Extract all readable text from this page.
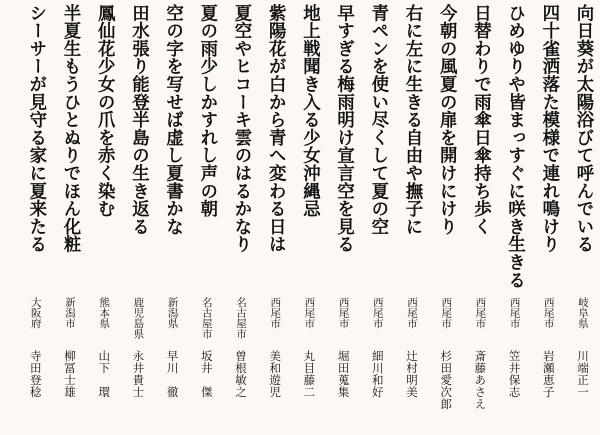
向日葵が太陽浴びて呼んでいる
岐阜県
川端正一
四十雀洒落た模様で連れ鳴けり
西尾市
岩瀬恵子
ひめゆりや皆まっすぐに咲き生きる
西尾市
笠井保志
日替わりで雨傘日傘持ち歩く
西尾市
斎藤あさえ
今朝の風夏の扉を開けにけり
西尾市
杉田愛次郎
右に左に生きる自由や撫子に
西尾市
辻村明美
青ペンを使い尽くして夏の空
西尾市
細川和好
早すぎる梅雨明け宣言空を見る
西尾市
堀田蒐集
地上戦聞き入る少女沖縄忌
西尾市
丸目藤二
紫陽花が白から青へ変わる日は
西尾市
美和遊児
夏空やヒコーキ雲のはるかなり
名古屋市
曽根敏之
夏の雨少しかすれし声の朝
名古屋市
坂井　傑
空の字を写せば虚し夏書かな
新潟県
早川　徹
田水張り能登半島の生き返る
鹿児島県
永井貴士
鳳仙花少女の爪を赤く染む
熊本県
山下　環
半夏生もうひとぬりでほん化粧
新潟市
柳冨士雄
シーサーが見守る家に夏来たる
大阪府
寺田登稔
